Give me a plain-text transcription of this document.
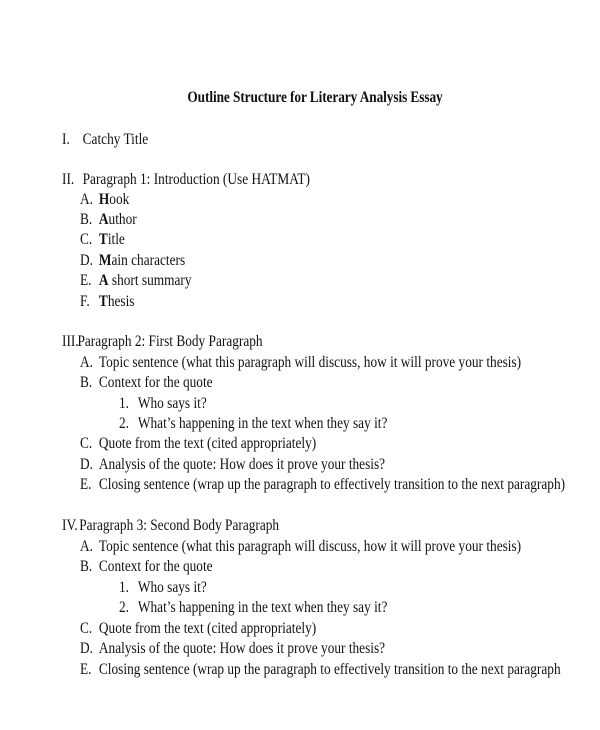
Outline Structure for Literary Analysis Essay
I. Catchy Title
II. Paragraph 1: Introduction (Use HATMAT)
A. Hook
B. Author
C. Title
D. Main characters
E. A short summary
F. Thesis
III.Paragraph 2: First Body Paragraph
A. Topic sentence (what this paragraph will discuss, how it will prove your thesis)
B. Context for the quote
1. Who says it?
2. What’s happening in the text when they say it?
C. Quote from the text (cited appropriately)
D. Analysis of the quote: How does it prove your thesis?
E. Closing sentence (wrap up the paragraph to effectively transition to the next paragraph)
IV.Paragraph 3: Second Body Paragraph
A. Topic sentence (what this paragraph will discuss, how it will prove your thesis)
B. Context for the quote
1. Who says it?
2. What’s happening in the text when they say it?
C. Quote from the text (cited appropriately)
D. Analysis of the quote: How does it prove your thesis?
E. Closing sentence (wrap up the paragraph to effectively transition to the next paragraph
